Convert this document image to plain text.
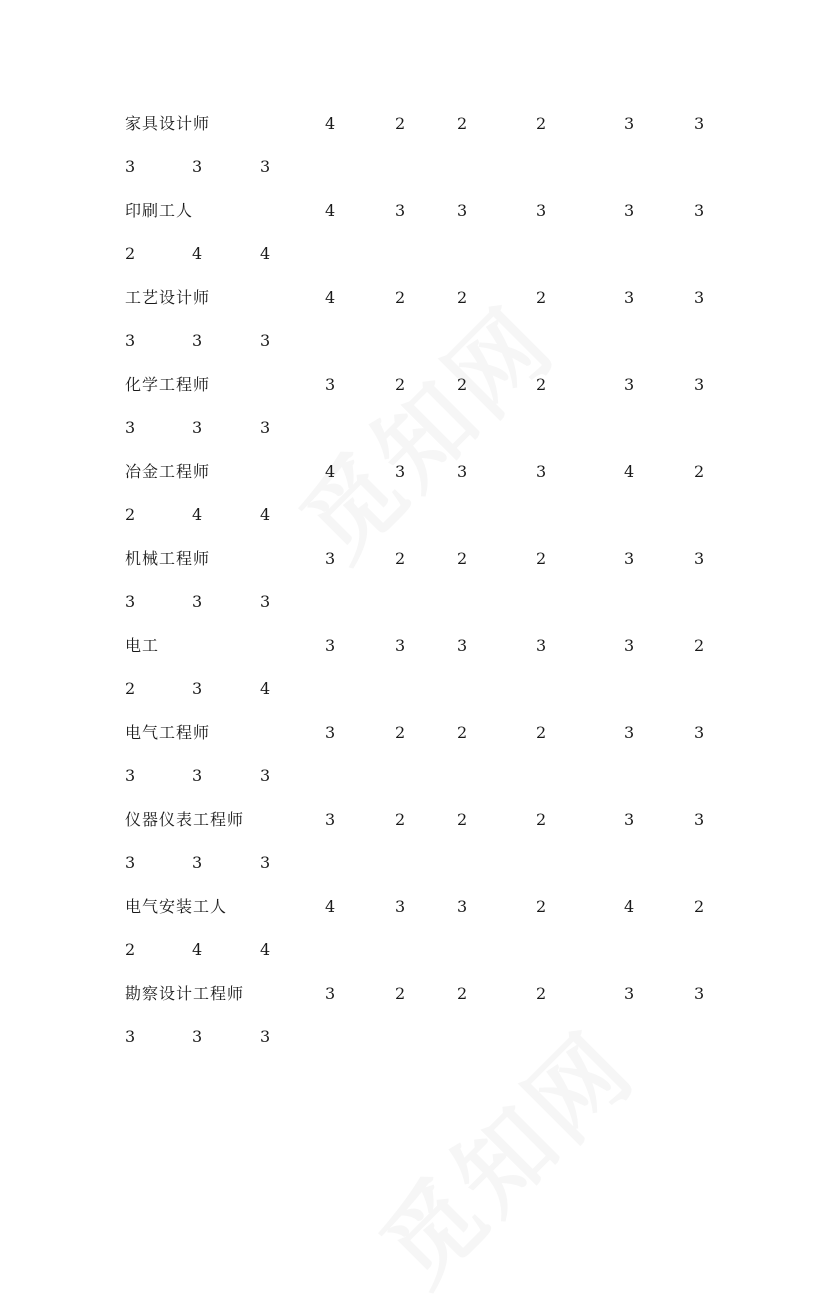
家具设计师	4	2	2	2	3	3
3	3	3
印刷工人	4	3	3	3	3	3
2	4	4
工艺设计师	4	2	2	2	3	3
3	3	3
化学工程师	3	2	2	2	3	3
3	3	3
冶金工程师	4	3	3	3	4	2
2	4	4
机械工程师	3	2	2	2	3	3
3	3	3
电工	3	3	3	3	3	2
2	3	4
电气工程师	3	2	2	2	3	3
3	3	3
仪器仪表工程师	3	2	2	2	3	3
3	3	3
电气安装工人	4	3	3	2	4	2
2	4	4
勘察设计工程师	3	2	2	2	3	3
3	3	3
